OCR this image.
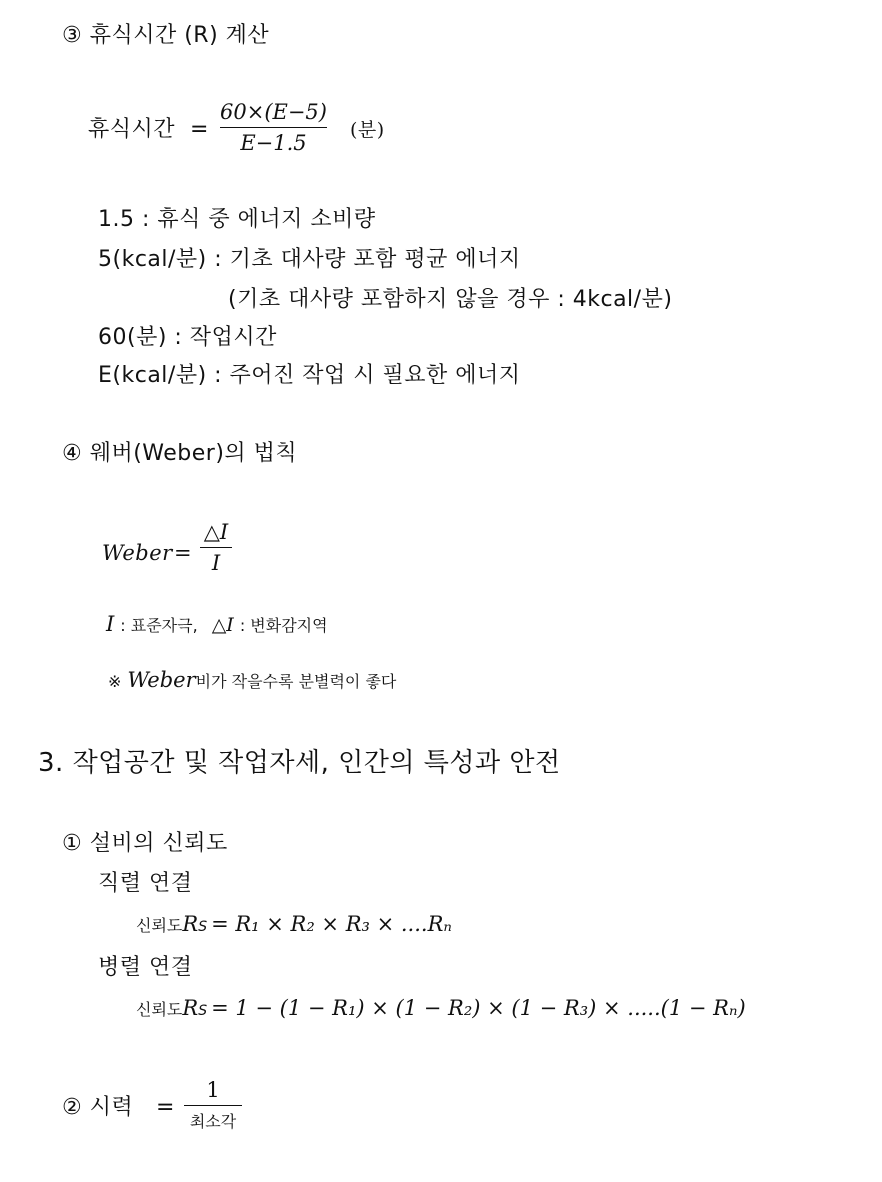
③ 휴식시간 (R) 계산
휴식시간 =
60×(E−5)
E−1.5
(분)
1.5 : 휴식 중 에너지 소비량
5(kcal/분) : 기초 대사량 포함 평균 에너지
(기초 대사량 포함하지 않을 경우 : 4kcal/분)
60(분) : 작업시간
E(kcal/분) : 주어진 작업 시 필요한 에너지
④ 웨버(Weber)의 법칙
Weber =
△I
I
I : 표준자극, △I : 변화감지역
※ Weber 비가 작을수록 분별력이 좋다
3. 작업공간 및 작업자세, 인간의 특성과 안전
① 설비의 신뢰도
직렬 연결
신뢰도 R S = R₁ × R₂ × R₃ × ....Rₙ
병렬 연결
신뢰도 R S = 1 − (1 − R₁) × (1 − R₂) × (1 − R₃) × .....(1 − Rₙ)
② 시력 =
1
최소각
